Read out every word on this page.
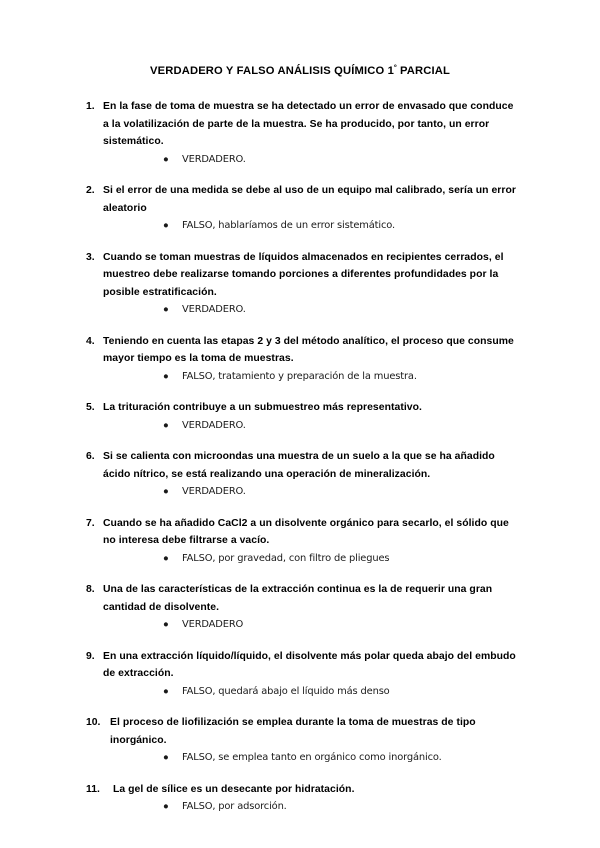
VERDADERO Y FALSO ANÁLISIS QUÍMICO $1^º$ PARCIAL
1. En la fase de toma de muestra se ha detectado un error de envasado que conduce a la volatilización de parte de la muestra. Se ha producido, por tanto, un error sistemático.
●	VERDADERO.
2. Si el error de una medida se debe al uso de un equipo mal calibrado, sería un error aleatorio
●	FALSO, hablaríamos de un error sistemático.
3. Cuando se toman muestras de líquidos almacenados en recipientes cerrados, el muestreo debe realizarse tomando porciones a diferentes profundidades por la posible estratificación.
●	VERDADERO.
4. Teniendo en cuenta las etapas 2 y 3 del método analítico, el proceso que consume mayor tiempo es la toma de muestras.
●	FALSO, tratamiento y preparación de la muestra.
5. La trituración contribuye a un submuestreo más representativo.
●	VERDADERO.
6. Si se calienta con microondas una muestra de un suelo a la que se ha añadido ácido nítrico, se está realizando una operación de mineralización.
●	VERDADERO.
7. Cuando se ha añadido CaCl2 a un disolvente orgánico para secarlo, el sólido que no interesa debe filtrarse a vacío.
●	FALSO, por gravedad, con filtro de pliegues
8. Una de las características de la extracción continua es la de requerir una gran cantidad de disolvente.
●	VERDADERO
9. En una extracción líquido/líquido, el disolvente más polar queda abajo del embudo de extracción.
●	FALSO, quedará abajo el líquido más denso
10. El proceso de liofilización se emplea durante la toma de muestras de tipo inorgánico.
●	FALSO, se emplea tanto en orgánico como inorgánico.
11.	La gel de sílice es un desecante por hidratación.
●	FALSO, por adsorción.
